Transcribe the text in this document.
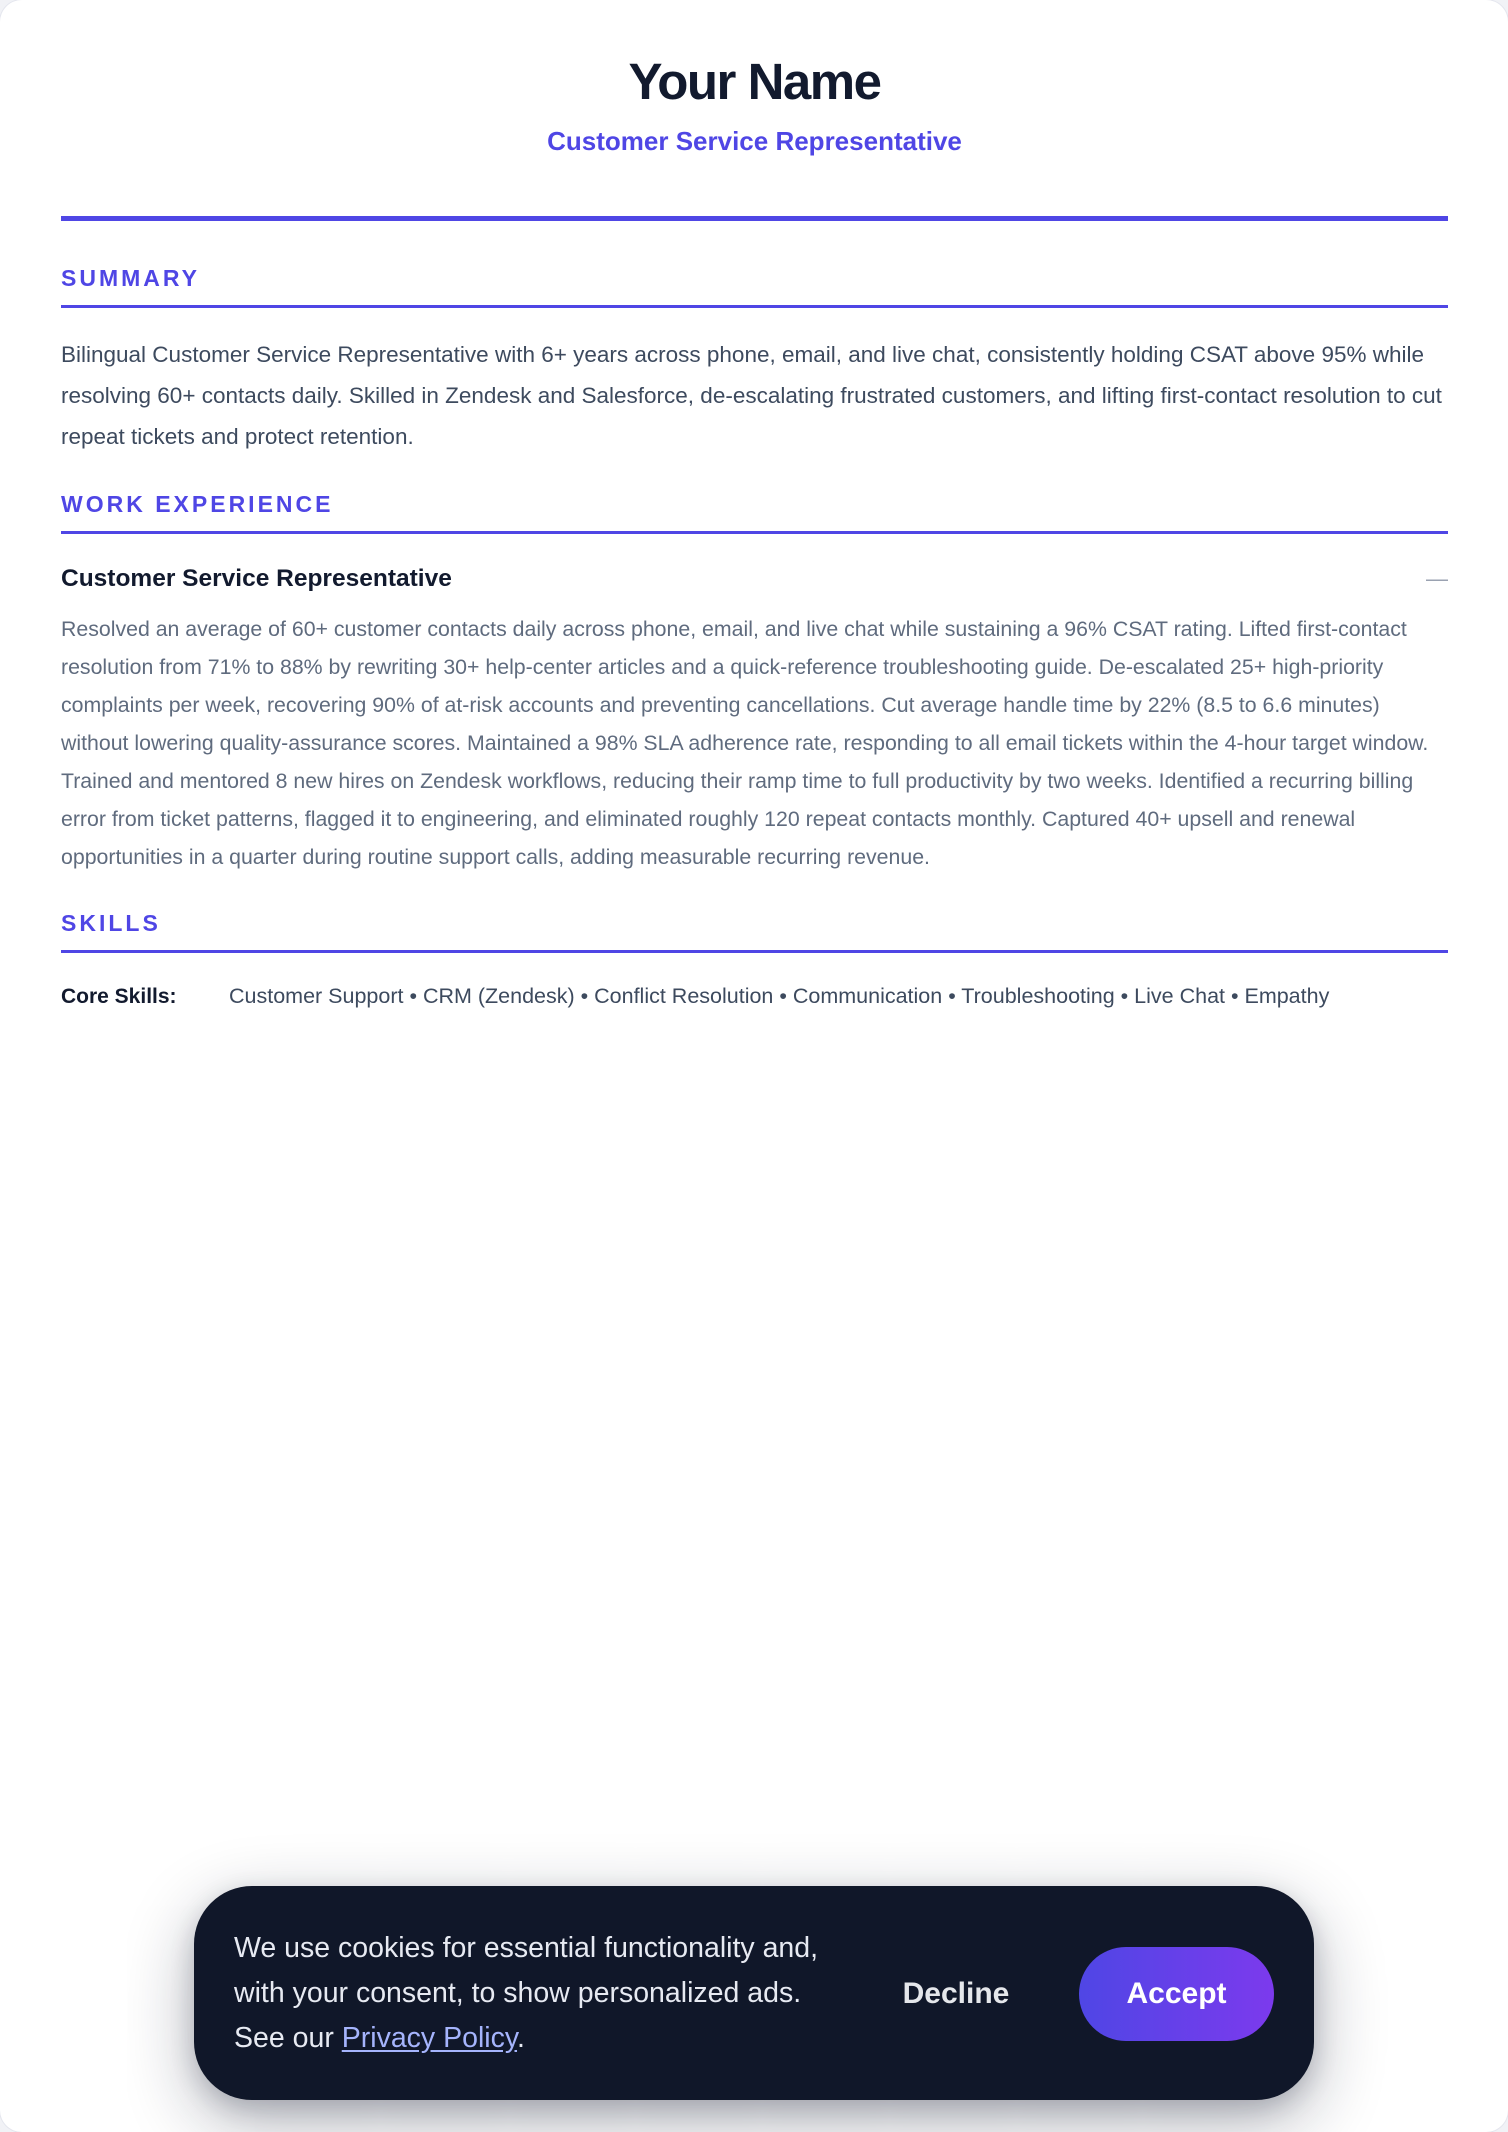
Your Name
Customer Service Representative
SUMMARY
Bilingual Customer Service Representative with 6+ years across phone, email, and live chat, consistently holding CSAT above 95% while resolving 60+ contacts daily. Skilled in Zendesk and Salesforce, de-escalating frustrated customers, and lifting first-contact resolution to cut repeat tickets and protect retention.
WORK EXPERIENCE
Customer Service Representative	—
Resolved an average of 60+ customer contacts daily across phone, email, and live chat while sustaining a 96% CSAT rating. Lifted first-contact resolution from 71% to 88% by rewriting 30+ help-center articles and a quick-reference troubleshooting guide. De-escalated 25+ high-priority complaints per week, recovering 90% of at-risk accounts and preventing cancellations. Cut average handle time by 22% (8.5 to 6.6 minutes) without lowering quality-assurance scores. Maintained a 98% SLA adherence rate, responding to all email tickets within the 4-hour target window. Trained and mentored 8 new hires on Zendesk workflows, reducing their ramp time to full productivity by two weeks. Identified a recurring billing error from ticket patterns, flagged it to engineering, and eliminated roughly 120 repeat contacts monthly. Captured 40+ upsell and renewal opportunities in a quarter during routine support calls, adding measurable recurring revenue.
SKILLS
Core Skills:	Customer Support • CRM (Zendesk) • Conflict Resolution • Communication • Troubleshooting • Live Chat • Empathy
We use cookies for essential functionality and, with your consent, to show personalized ads. See our Privacy Policy.
Decline	Accept
